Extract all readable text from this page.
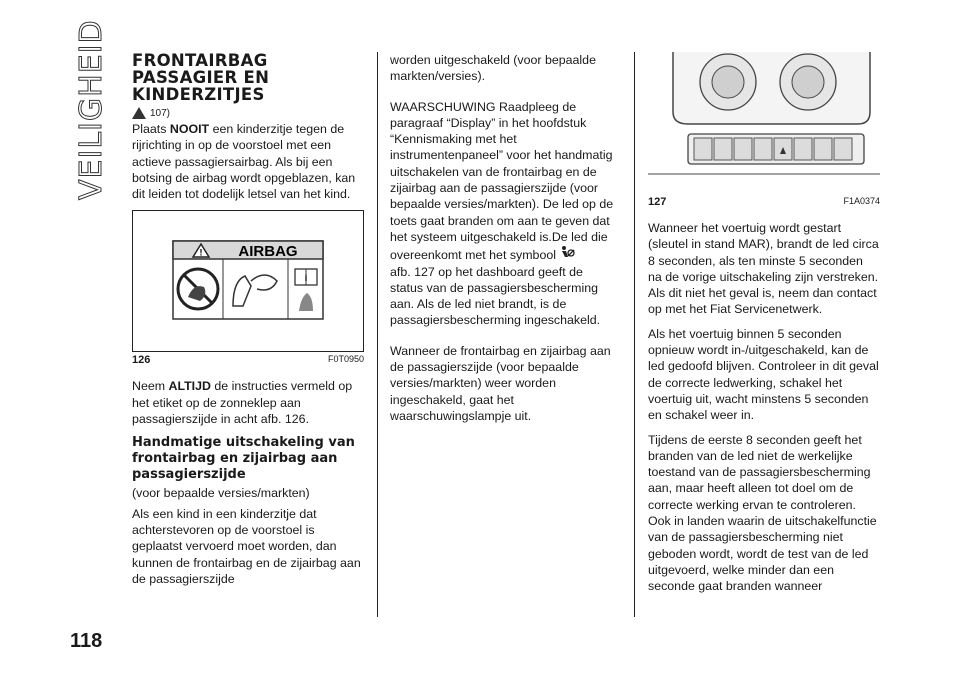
VEILIGHEID
118
FRONTAIRBAG PASSAGIER EN KINDERZITJES
107)

Plaats NOOIT een kinderzitje tegen de rijrichting in op de voorstoel met een actieve passagiersairbag. Als bij een botsing de airbag wordt opgeblazen, kan dit leiden tot dodelijk letsel van het kind.

! AIRBAG
i
126	F0T0950

Neem ALTIJD de instructies vermeld op het etiket op de zonneklep aan passagierszijde in acht afb. 126.

Handmatige uitschakeling van frontairbag en zijairbag aan passagierszijde

(voor bepaalde versies/markten)

Als een kind in een kinderzitje dat achterstevoren op de voorstoel is geplaatst vervoerd moet worden, dan kunnen de frontairbag en de zijairbag aan de passagierszijde

worden uitgeschakeld (voor bepaalde markten/versies).

WAARSCHUWING Raadpleeg de paragraaf “Display” in het hoofdstuk “Kennismaking met het instrumentenpaneel” voor het handmatig uitschakelen van de frontairbag en de zijairbag aan de passagierszijde (voor bepaalde versies/markten). De led op de toets gaat branden om aan te geven dat het systeem uitgeschakeld is.De led die overeenkomt met het symbool

afb. 127 op het dashboard geeft de status van de passagiersbescherming aan. Als de led niet brandt, is de passagiersbescherming ingeschakeld.

Wanneer de frontairbag en zijairbag aan de passagierszijde (voor bepaalde versies/markten) weer worden ingeschakeld, gaat het waarschuwingslampje uit.

127	F1A0374

Wanneer het voertuig wordt gestart (sleutel in stand MAR), brandt de led circa 8 seconden, als ten minste 5 seconden na de vorige uitschakeling zijn verstreken. Als dit niet het geval is, neem dan contact op met het Fiat Servicenetwerk.

Als het voertuig binnen 5 seconden opnieuw wordt in-/uitgeschakeld, kan de led gedoofd blijven. Controleer in dit geval de correcte ledwerking, schakel het voertuig uit, wacht minstens 5 seconden en schakel weer in.

Tijdens de eerste 8 seconden geeft het branden van de led niet de werkelijke toestand van de passagiersbescherming aan, maar heeft alleen tot doel om de correcte werking ervan te controleren. Ook in landen waarin de uitschakelfunctie van de passagiersbescherming niet geboden wordt, wordt de test van de led uitgevoerd, welke minder dan een seconde gaat branden wanneer
